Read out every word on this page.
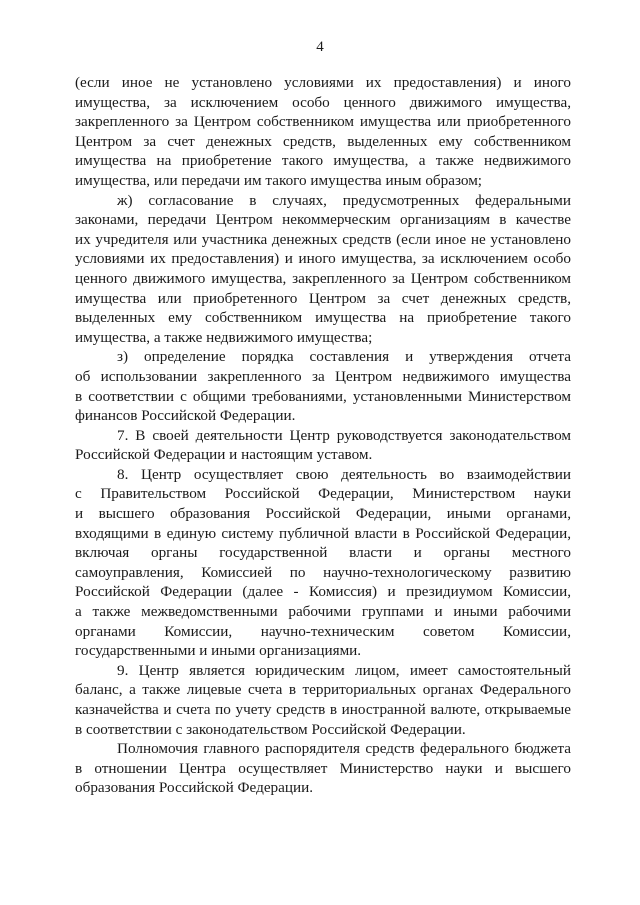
4
(если иное не установлено условиями их предоставления) и иного
имущества, за исключением особо ценного движимого имущества,
закрепленного за Центром собственником имущества или приобретенного
Центром за счет денежных средств, выделенных ему собственником
имущества на приобретение такого имущества, а также недвижимого
имущества, или передачи им такого имущества иным образом;
ж) согласование в случаях, предусмотренных федеральными
законами, передачи Центром некоммерческим организациям в качестве
их учредителя или участника денежных средств (если иное не установлено
условиями их предоставления) и иного имущества, за исключением особо
ценного движимого имущества, закрепленного за Центром собственником
имущества или приобретенного Центром за счет денежных средств,
выделенных ему собственником имущества на приобретение такого
имущества, а также недвижимого имущества;
з) определение порядка составления и утверждения отчета
об использовании закрепленного за Центром недвижимого имущества
в соответствии с общими требованиями, установленными Министерством
финансов Российской Федерации.
7. В своей деятельности Центр руководствуется законодательством
Российской Федерации и настоящим уставом.
8. Центр осуществляет свою деятельность во взаимодействии
с Правительством Российской Федерации, Министерством науки
и высшего образования Российской Федерации, иными органами,
входящими в единую систему публичной власти в Российской Федерации,
включая органы государственной власти и органы местного
самоуправления, Комиссией по научно-технологическому развитию
Российской Федерации (далее - Комиссия) и президиумом Комиссии,
а также межведомственными рабочими группами и иными рабочими
органами Комиссии, научно-техническим советом Комиссии,
государственными и иными организациями.
9. Центр является юридическим лицом, имеет самостоятельный
баланс, а также лицевые счета в территориальных органах Федерального
казначейства и счета по учету средств в иностранной валюте, открываемые
в соответствии с законодательством Российской Федерации.
Полномочия главного распорядителя средств федерального бюджета
в отношении Центра осуществляет Министерство науки и высшего
образования Российской Федерации.
